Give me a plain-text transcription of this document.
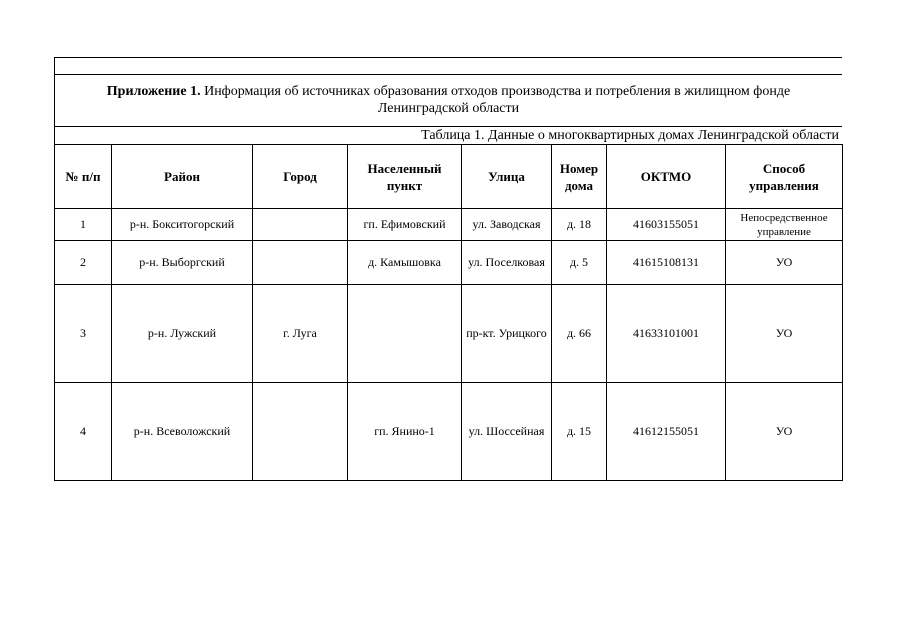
Приложение 1. Информация об источниках образования отходов производства и потребления в жилищном фонде Ленинградской области
Таблица 1. Данные о многоквартирных домах Ленинградской области
№ п/п	Район	Город	Населенный пункт	Улица	Номер дома	ОКТМО	Способ управления
1	р-н. Бокситогорский		гп. Ефимовский	ул. Заводская	д. 18	41603155051	Непосредственное управление
2	р-н. Выборгский		д. Камышовка	ул. Поселковая	д. 5	41615108131	УО
3	р-н. Лужский	г. Луга		пр-кт. Урицкого	д. 66	41633101001	УО
4	р-н. Всеволожский		гп. Янино-1	ул. Шоссейная	д. 15	41612155051	УО
